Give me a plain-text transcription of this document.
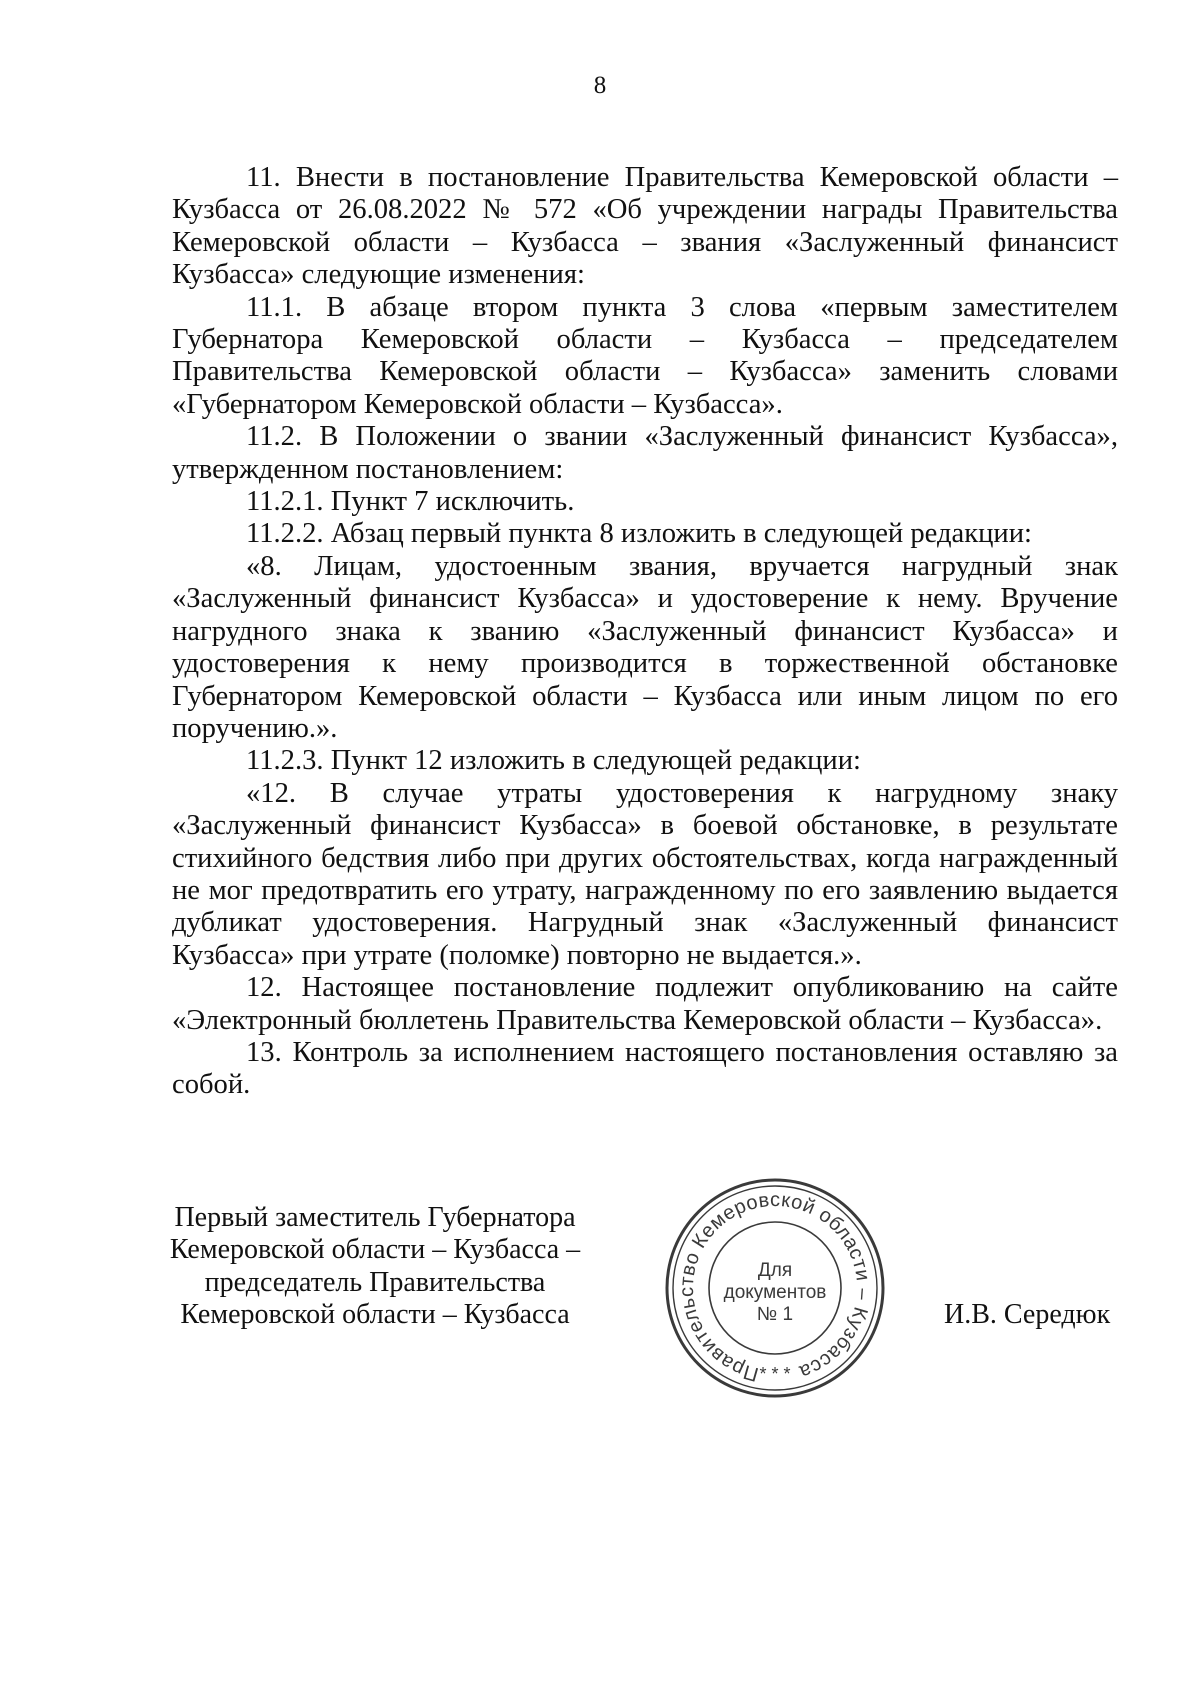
8

11. Внести в постановление Правительства Кемеровской области – Кузбасса от 26.08.2022 № 572 «Об учреждении награды Правительства Кемеровской области – Кузбасса – звания «Заслуженный финансист Кузбасса» следующие изменения:

11.1. В абзаце втором пункта 3 слова «первым заместителем Губернатора Кемеровской области – Кузбасса – председателем Правительства Кемеровской области – Кузбасса» заменить словами «Губернатором Кемеровской области – Кузбасса».

11.2. В Положении о звании «Заслуженный финансист Кузбасса», утвержденном постановлением:

11.2.1. Пункт 7 исключить.

11.2.2. Абзац первый пункта 8 изложить в следующей редакции:

«8. Лицам, удостоенным звания, вручается нагрудный знак «Заслуженный финансист Кузбасса» и удостоверение к нему. Вручение нагрудного знака к званию «Заслуженный финансист Кузбасса» и удостоверения к нему производится в торжественной обстановке Губернатором Кемеровской области – Кузбасса или иным лицом по его поручению.».

11.2.3. Пункт 12 изложить в следующей редакции:

«12. В случае утраты удостоверения к нагрудному знаку «Заслуженный финансист Кузбасса» в боевой обстановке, в результате стихийного бедствия либо при других обстоятельствах, когда награжденный не мог предотвратить его утрату, награжденному по его заявлению выдается дубликат удостоверения. Нагрудный знак «Заслуженный финансист Кузбасса» при утрате (поломке) повторно не выдается.».

12. Настоящее постановление подлежит опубликованию на сайте «Электронный бюллетень Правительства Кемеровской области – Кузбасса».

13. Контроль за исполнением настоящего постановления оставляю за собой.

Первый заместитель Губернатора
Кемеровской области – Кузбасса –
председатель Правительства
Кемеровской области – Кузбасса
Правительство Кемеровской области – Кузбасса
* * *
Для
документов
№ 1	И.В. Середюк
